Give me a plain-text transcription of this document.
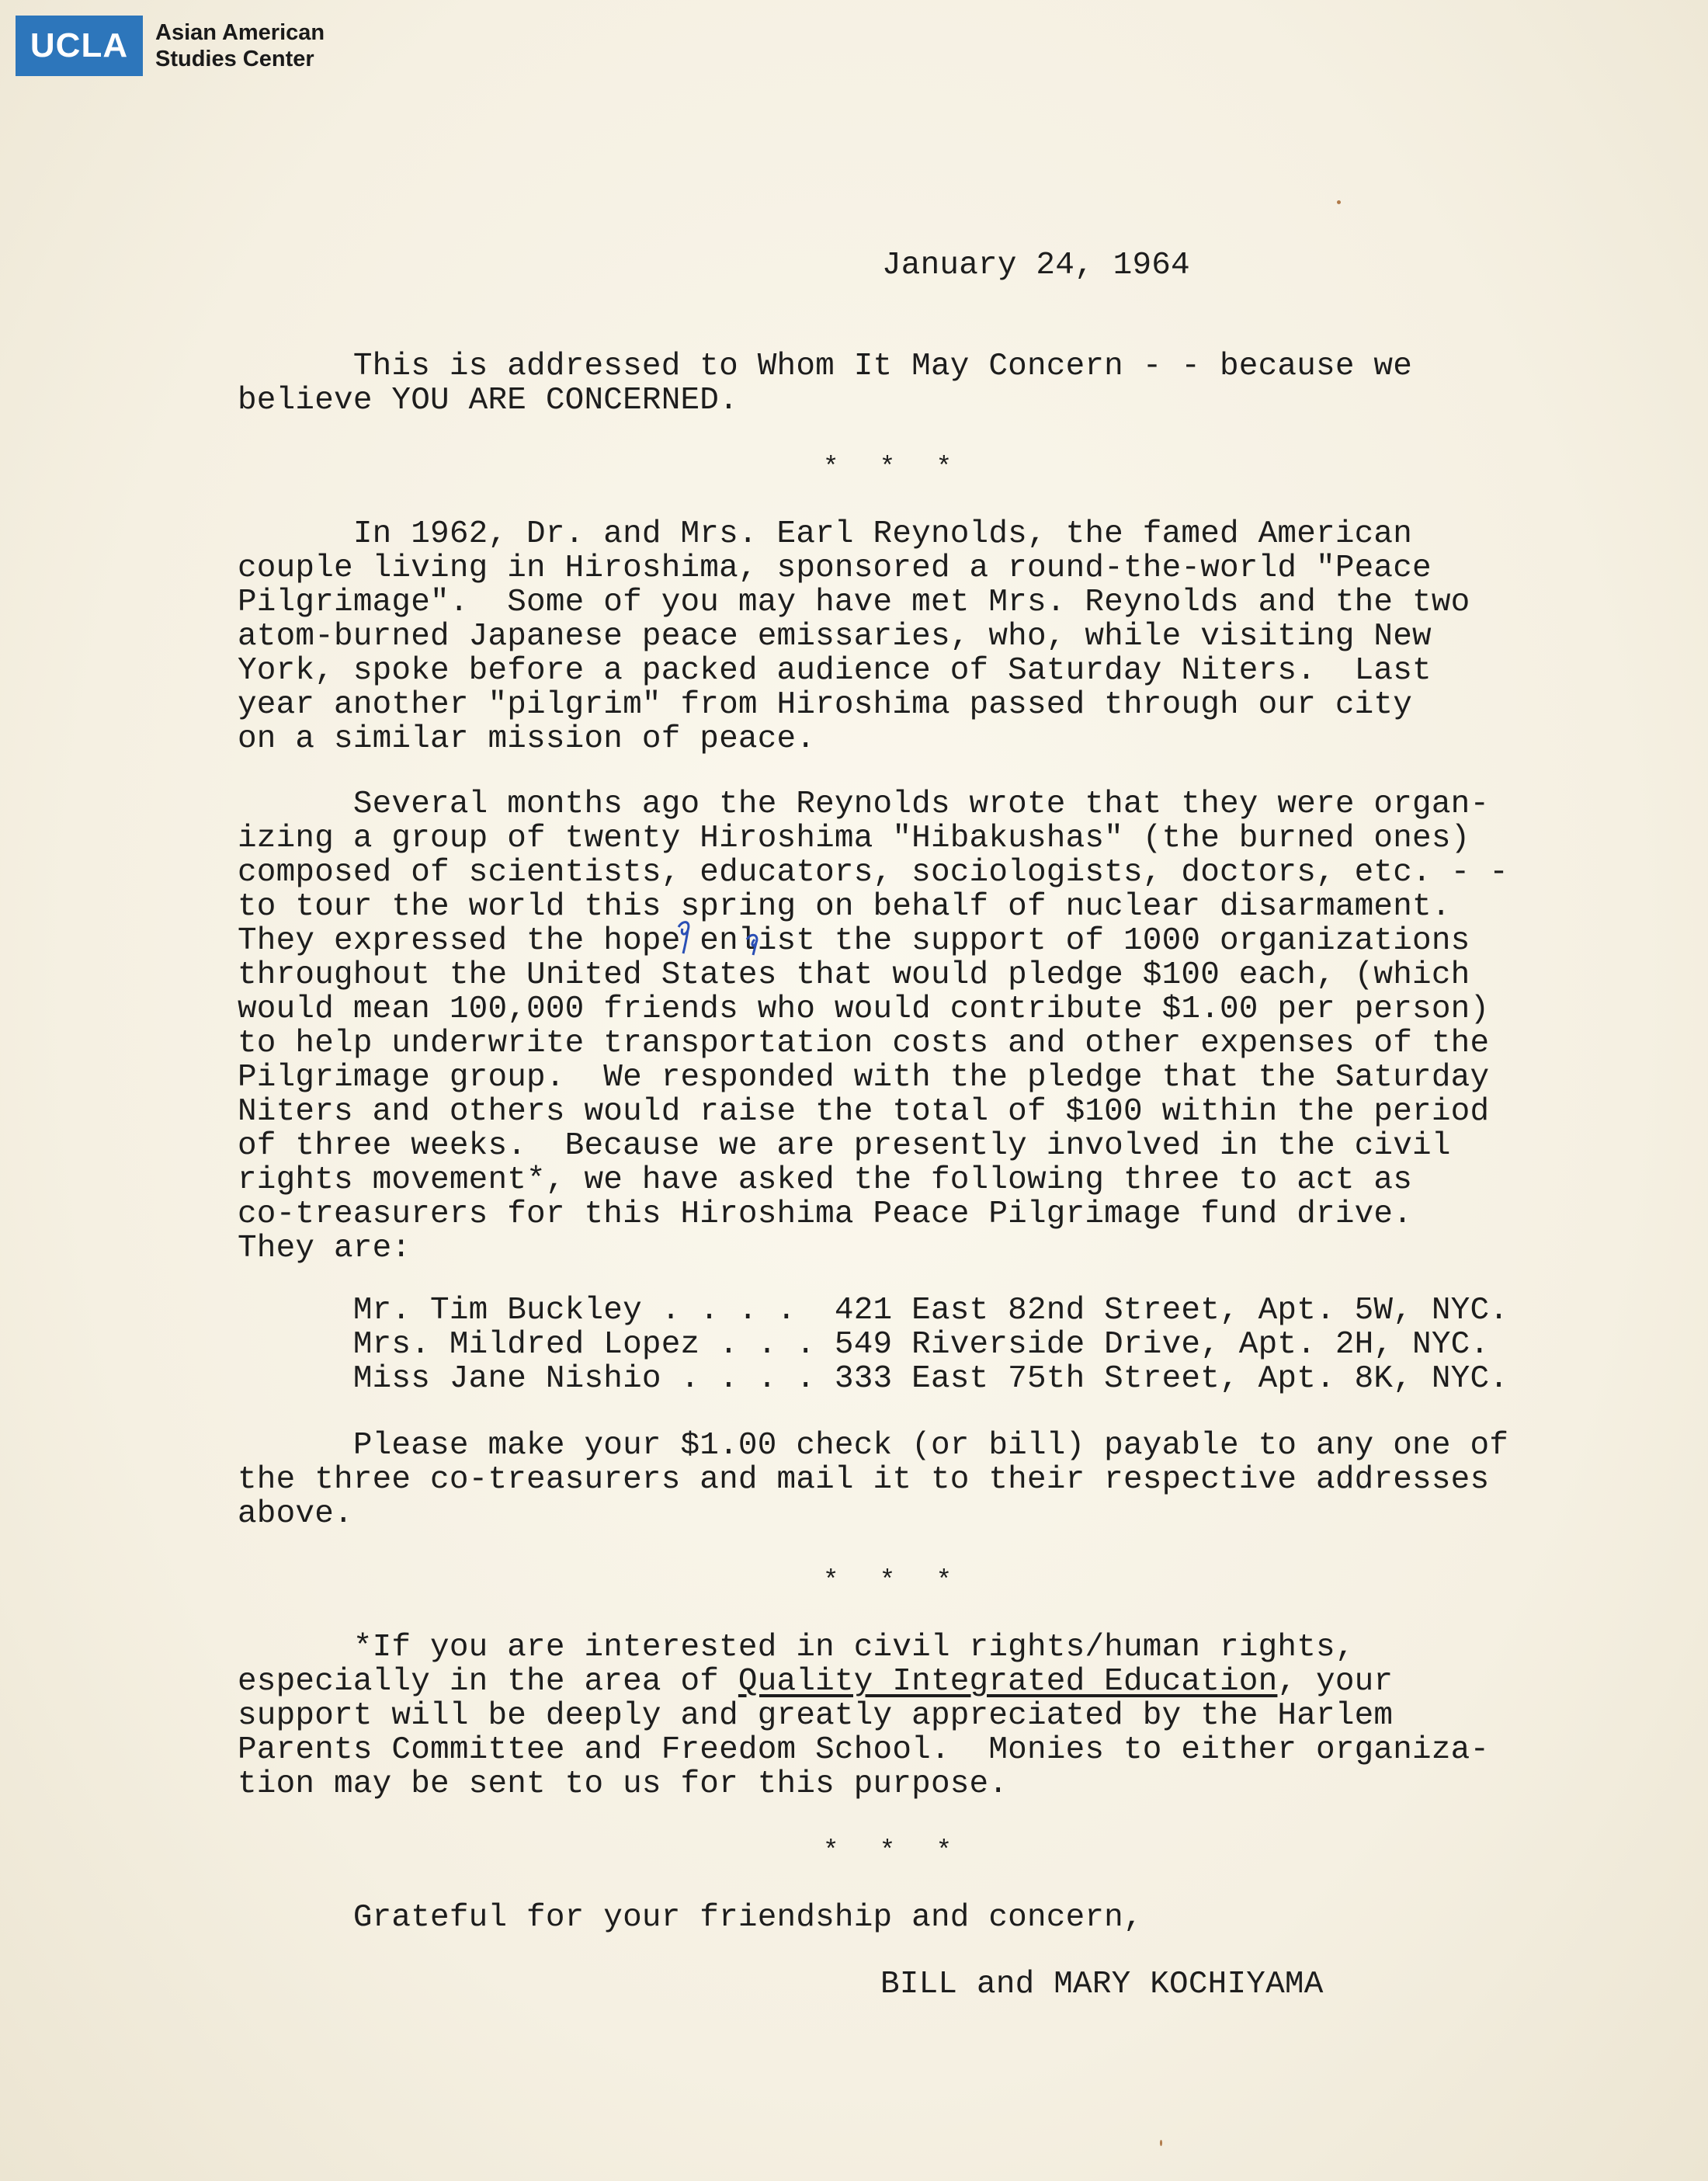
UCLA	Asian American
Studies Center
January 24, 1964
This is addressed to Whom It May Concern - - because we
believe YOU ARE CONCERNED.
* * *
In 1962, Dr. and Mrs. Earl Reynolds, the famed American
couple living in Hiroshima, sponsored a round-the-world "Peace
Pilgrimage".  Some of you may have met Mrs. Reynolds and the two
atom-burned Japanese peace emissaries, who, while visiting New
York, spoke before a packed audience of Saturday Niters.  Last
year another "pilgrim" from Hiroshima passed through our city
on a similar mission of peace.
Several months ago the Reynolds wrote that they were organ-
izing a group of twenty Hiroshima "Hibakushas" (the burned ones)
composed of scientists, educators, sociologists, doctors, etc. - -
to tour the world this spring on behalf of nuclear disarmament.
They expressed the hope enlist the support of 1000 organizations
throughout the United States that would pledge $100 each, (which
would mean 100,000 friends who would contribute $1.00 per person)
to help underwrite transportation costs and other expenses of the
Pilgrimage group.  We responded with the pledge that the Saturday
Niters and others would raise the total of $100 within the period
of three weeks.  Because we are presently involved in the civil
rights movement*, we have asked the following three to act as
co-treasurers for this Hiroshima Peace Pilgrimage fund drive.
They are:
Mr. Tim Buckley . . . .  421 East 82nd Street, Apt. 5W, NYC.
Mrs. Mildred Lopez . . . 549 Riverside Drive, Apt. 2H, NYC.
Miss Jane Nishio . . . . 333 East 75th Street, Apt. 8K, NYC.
Please make your $1.00 check (or bill) payable to any one of
the three co-treasurers and mail it to their respective addresses
above.
* * *
*If you are interested in civil rights/human rights,
especially in the area of Quality Integrated Education, your
support will be deeply and greatly appreciated by the Harlem
Parents Committee and Freedom School.  Monies to either organiza-
tion may be sent to us for this purpose.
* * *
Grateful for your friendship and concern,
BILL and MARY KOCHIYAMA
